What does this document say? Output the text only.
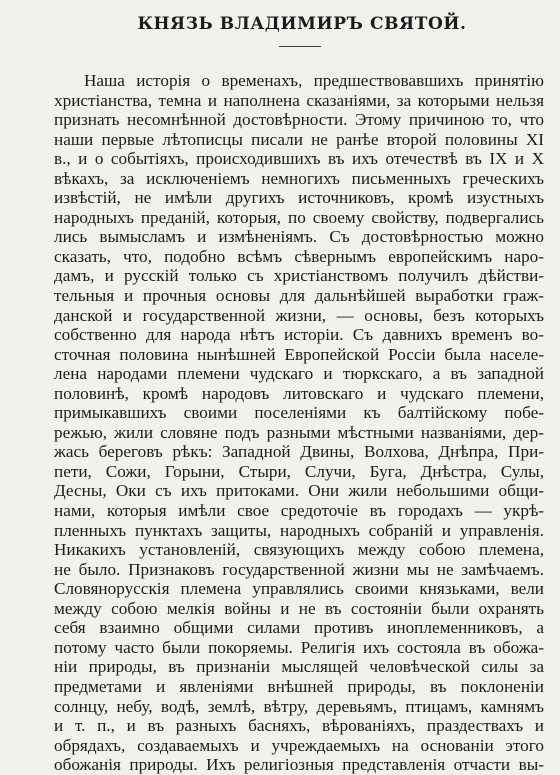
КНЯЗЬ ВЛАДИМИРЪ СВЯТОЙ.
Наша исторія о временахъ, предшествовавшихъ принятію
христіанства, темна и наполнена сказаніями, за которыми нельзя
признать несомнѣнной достовѣрности. Этому причиною то, что
наши первые лѣтописцы писали не ранѣе второй половины XI
в., и о событіяхъ, происходившихъ въ ихъ отечествѣ въ IX и X
вѣкахъ, за исключеніемъ немногихъ письменныхъ греческихъ
извѣстій, не имѣли другихъ источниковъ, кромѣ изустныхъ
народныхъ преданій, которыя, по своему свойству, подвергались
лись вымысламъ и измѣненіямъ. Съ достовѣрностью можно
сказать, что, подобно всѣмъ сѣвернымъ европейскимъ наро-
дамъ, и русскій только съ христіанствомъ получилъ дѣйстви-
тельныя и прочныя основы для дальнѣйшей выработки граж-
данской и государственной жизни, — основы, безъ которыхъ
собственно для народа нѣтъ исторіи. Съ давнихъ временъ во-
сточная половина нынѣшней Европейской Россіи была населе-
лена народами племени чудскаго и тюркскаго, а въ западной
половинѣ, кромѣ народовъ литовскаго и чудскаго племени,
примыкавшихъ своими поселеніями къ балтійскому побе-
режью, жили словяне подъ разными мѣстными названіями, дер-
жась береговъ рѣкъ: Западной Двины, Волхова, Днѣпра, При-
пети, Сожи, Горыни, Стыри, Случи, Буга, Днѣстра, Сулы,
Десны, Оки съ ихъ притоками. Они жили небольшими общи-
нами, которыя имѣли свое средоточіе въ городахъ — укрѣ-
пленныхъ пунктахъ защиты, народныхъ собраній и управленія.
Никакихъ установленій, связующихъ между собою племена,
не было. Признаковъ государственной жизни мы не замѣчаемъ.
Словянорусскія племена управлялись своими князьками, вели
между собою мелкія войны и не въ состояніи были охранять
себя взаимно общими силами противъ иноплеменниковъ, а
потому часто были покоряемы. Религія ихъ состояла въ обожа-
ніи природы, въ признаніи мыслящей человѣческой силы за
предметами и явленіями внѣшней природы, въ поклоненіи
солнцу, небу, водѣ, землѣ, вѣтру, деревьямъ, птицамъ, камнямъ
и т. п., и въ разныхъ басняхъ, вѣрованіяхъ, праздествахъ и
обрядахъ, создаваемыхъ и учреждаемыхъ на основаніи этого
обожанія природы. Ихъ религіозныя представленія отчасти вы-
